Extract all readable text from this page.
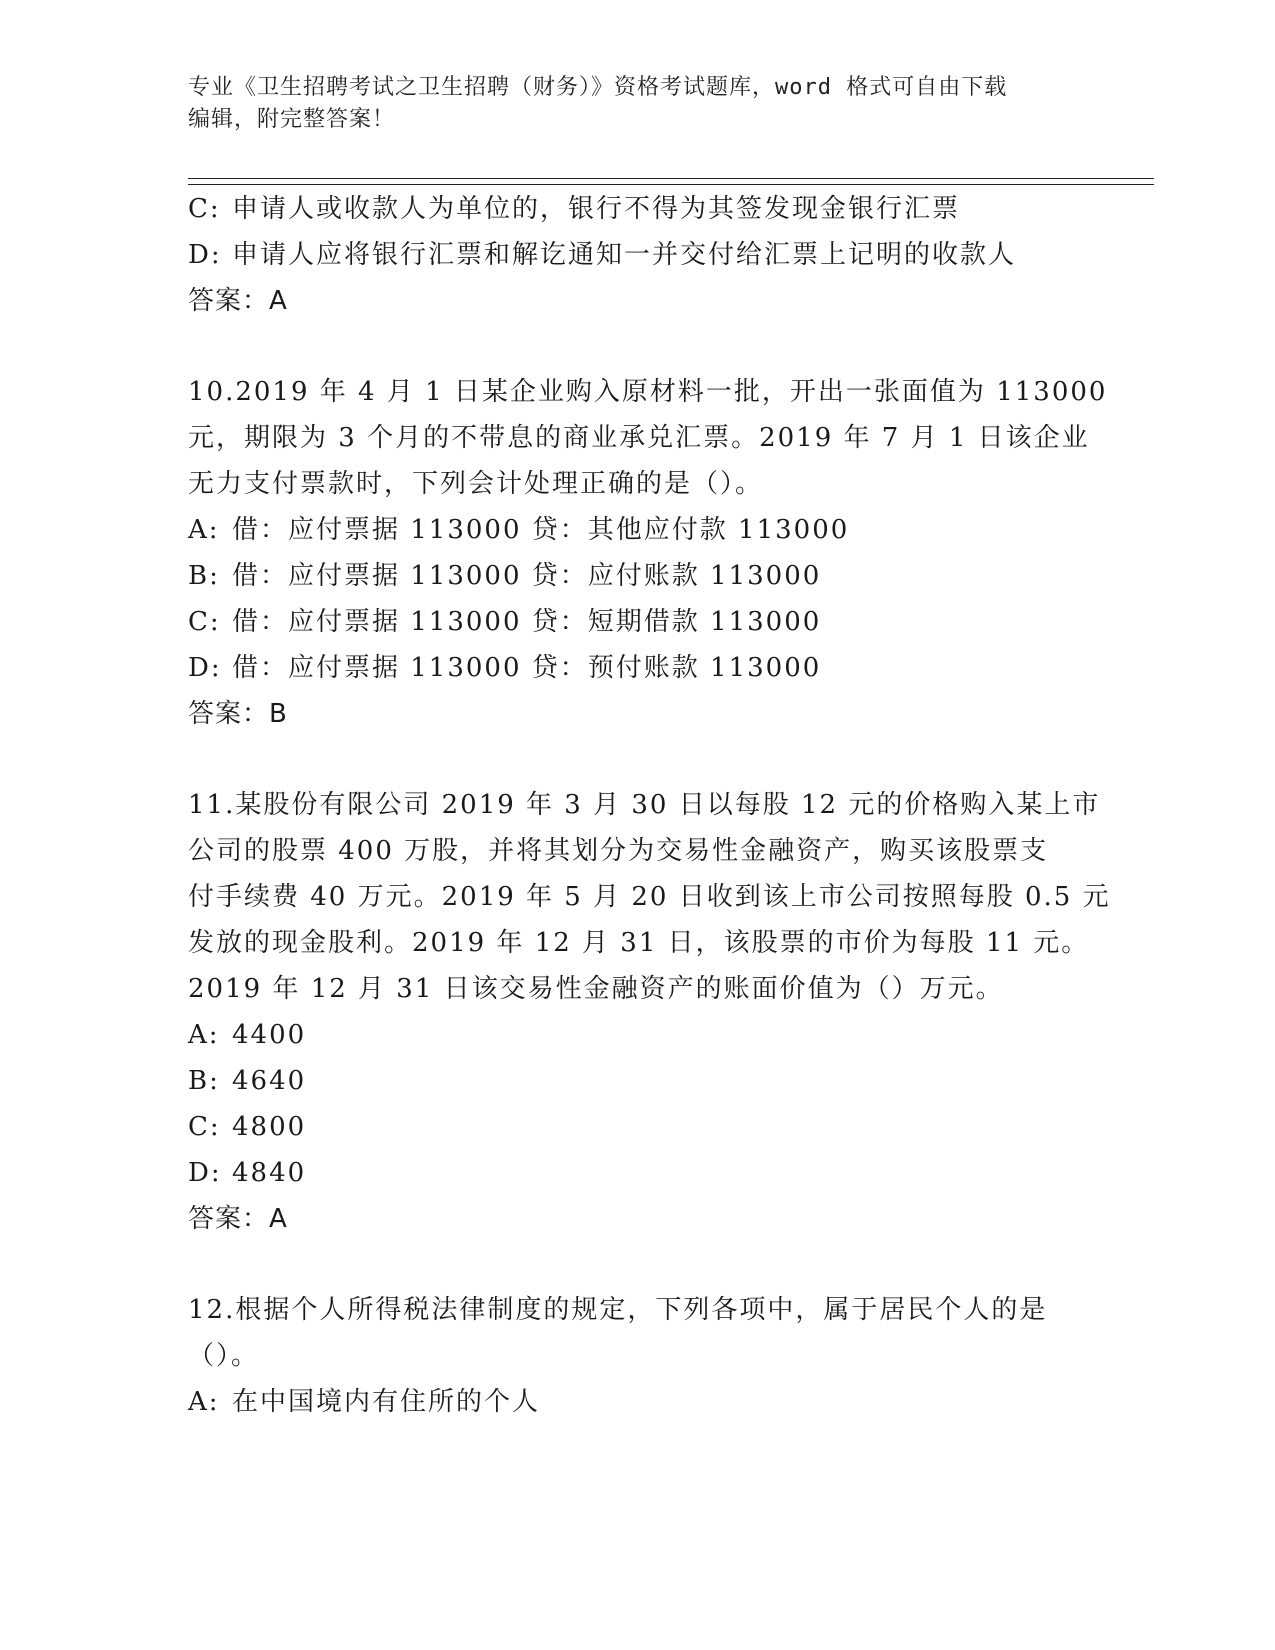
专业《卫生招聘考试之卫生招聘（财务）》资格考试题库，word 格式可自由下载
编辑，附完整答案！
C: 申请人或收款人为单位的，银行不得为其签发现金银行汇票
D: 申请人应将银行汇票和解讫通知一并交付给汇票上记明的收款人
答案：A
10.2019 年 4 月 1 日某企业购入原材料一批，开出一张面值为 113000
元，期限为 3 个月的不带息的商业承兑汇票。2019 年 7 月 1 日该企业
无力支付票款时，下列会计处理正确的是（）。
A: 借：应付票据 113000 贷：其他应付款 113000
B: 借：应付票据 113000 贷：应付账款 113000
C: 借：应付票据 113000 贷：短期借款 113000
D: 借：应付票据 113000 贷：预付账款 113000
答案：B
11.某股份有限公司 2019 年 3 月 30 日以每股 12 元的价格购入某上市
公司的股票 400 万股，并将其划分为交易性金融资产，购买该股票支
付手续费 40 万元。2019 年 5 月 20 日收到该上市公司按照每股 0.5 元
发放的现金股利。2019 年 12 月 31 日，该股票的市价为每股 11 元。
2019 年 12 月 31 日该交易性金融资产的账面价值为（）万元。
A: 4400
B: 4640
C: 4800
D: 4840
答案：A
12.根据个人所得税法律制度的规定，下列各项中，属于居民个人的是
（）。
A: 在中国境内有住所的个人
